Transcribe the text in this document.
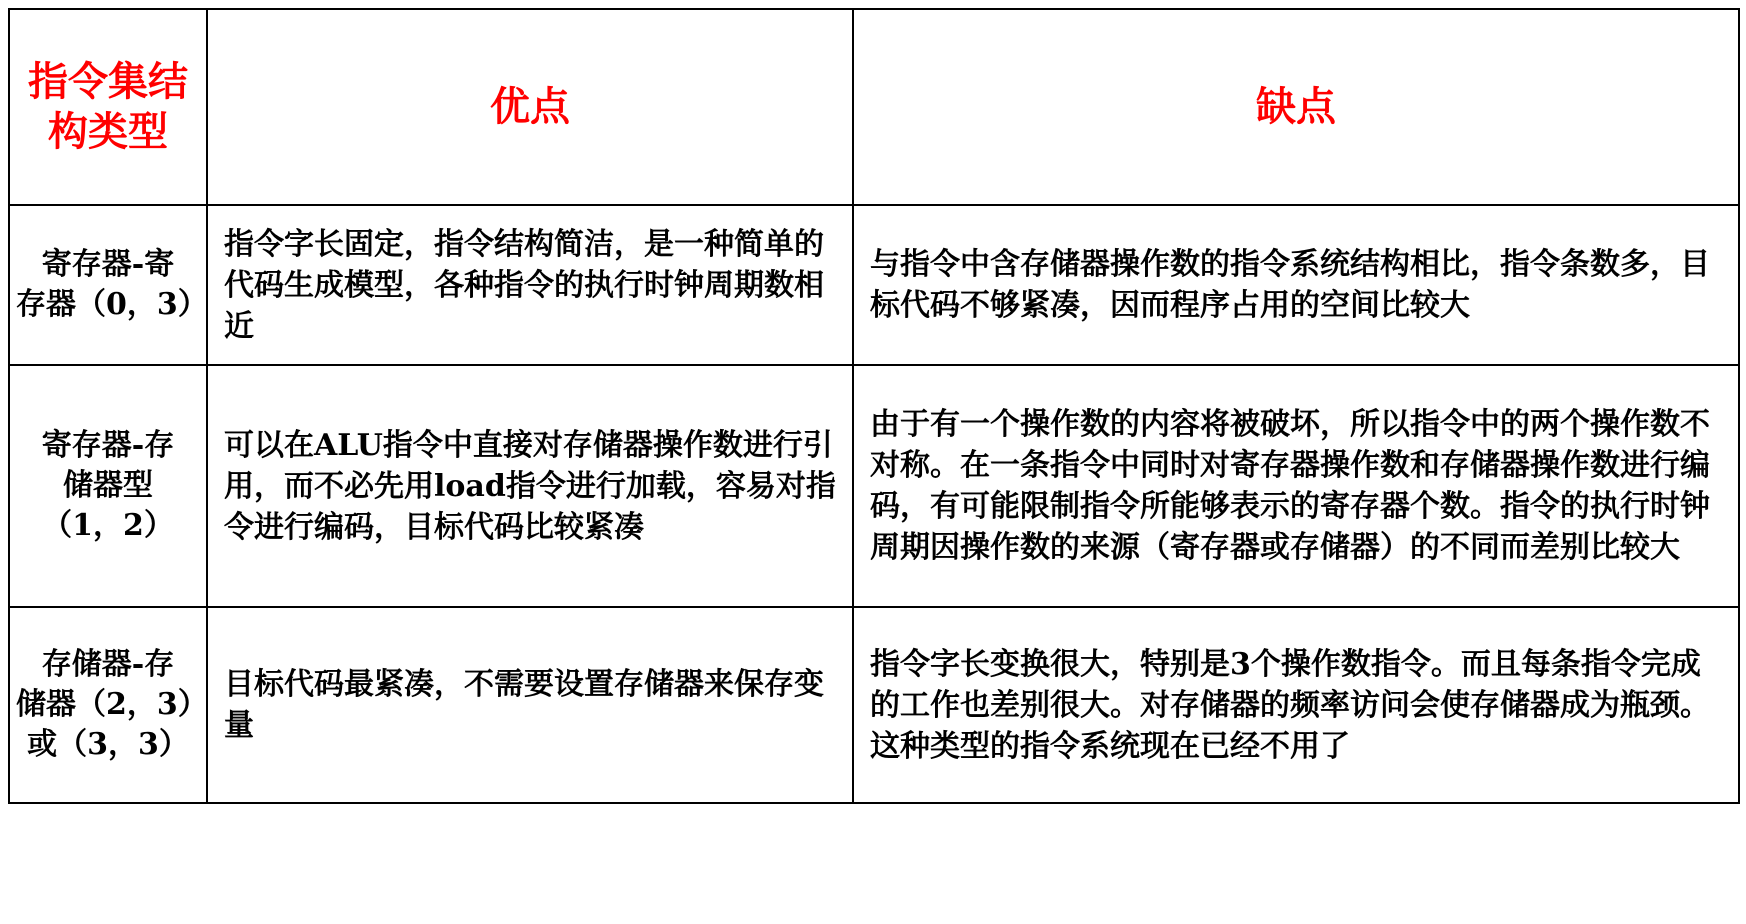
指令集结
构类型	优点	缺点

寄存器-寄
存器（0，3）	指令字长固定，指令结构简洁，是一种简单的代码生成模型，各种指令的执行时钟周期数相近	与指令中含存储器操作数的指令系统结构相比，指令条数多，目标代码不够紧凑，因而程序占用的空间比较大

寄存器-存
储器型
（1，2）	可以在ALU指令中直接对存储器操作数进行引用，而不必先用load指令进行加载，容易对指令进行编码，目标代码比较紧凑	由于有一个操作数的内容将被破坏，所以指令中的两个操作数不对称。在一条指令中同时对寄存器操作数和存储器操作数进行编码，有可能限制指令所能够表示的寄存器个数。指令的执行时钟周期因操作数的来源（寄存器或存储器）的不同而差别比较大

存储器-存
储器（2，3）
或（3，3）	目标代码最紧凑，不需要设置存储器来保存变量	指令字长变换很大，特别是3个操作数指令。而且每条指令完成的工作也差别很大。对存储器的频率访问会使存储器成为瓶颈。这种类型的指令系统现在已经不用了
